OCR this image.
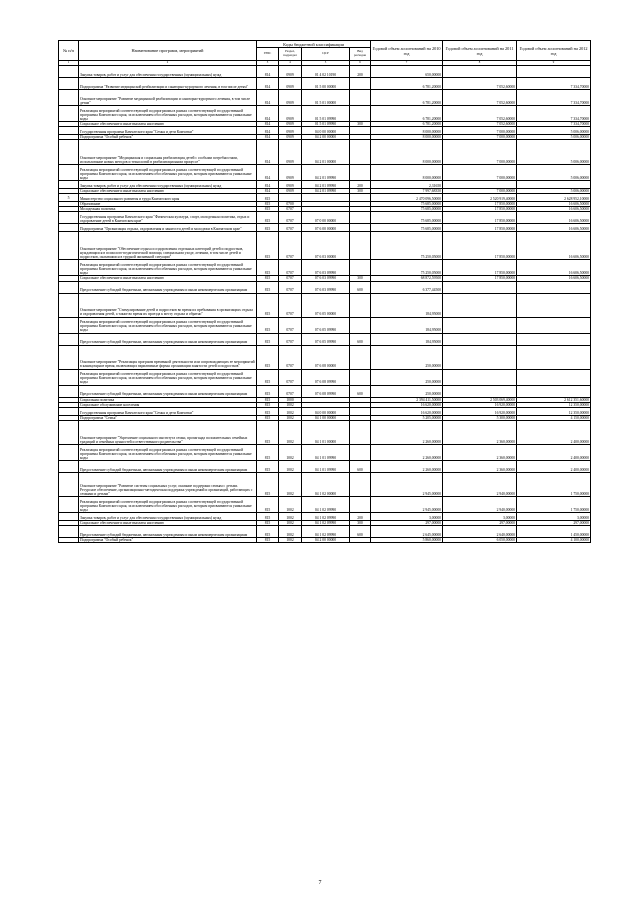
№ п/п	Наименование программ, мероприятий	Коды бюджетной классификации				Годовой объем ассигнований на 2010 год	Годовой объем ассигнований на 2011 год	Годовой объем ассигнований на 2012 год
		ГРБС	Раздел, подраздел	ЦСР	Вид расходов			
1	2	3	4	5	6	7	8	9
	Закупка товаров, работ и услуг для обеспечения государственных (муниципальных) нужд	814	0909	01 4 02 10190	200	650,00000		
	Подпрограмма "Развитие медицинской реабилитации и санаторно-курортного лечения, в том числе детям"	814	0909	01 5 00 00000		6 781,20000	7 052,60000	7 334,70000
	Основное мероприятие "Развитие медицинской реабилитации и санаторно-курортного лечения, в том числе детям"	814	0909	01 5 01 00000		6 781,20000	7 052,60000	7 334,70000
	Реализация мероприятий соответствующей подпрограммы в рамках соответствующей государственной программы Камчатского края, за исключением обособленных расходов, которым присваиваются уникальные коды	814	0909	01 5 01 09990		6 781,20000	7 052,60000	7 334,70000
	Социальное обеспечение и иные выплаты населению	814	0909	01 5 01 09990	300	6 781,20000	7 052,60000	7 334,70000
	Государственная программа Камчатского края "Семья и дети Камчатки"	814	0909	04 0 00 00000		8 000,00000	7 000,00000	5 006,00000
	Подпрограмма "Особый ребенок"	814	0909	04 2 00 00000		8 000,00000	7 000,00000	5 006,00000
	Основное мероприятие "Медицинская и социальная реабилитация детей с особыми потребностями, использование новых методов и технологий в реабилитационном процессе"	814	0909	04 2 01 00000		8 000,00000	7 000,00000	5 006,00000
	Реализация мероприятий соответствующей подпрограммы в рамках соответствующей государственной программы Камчатского края, за исключением обособленных расходов, которым присваиваются уникальные коды	814	0909	04 2 01 09990		8 000,00000	7 000,00000	5 006,00000
	Закупка товаров, работ и услуг для обеспечения государственных (муниципальных) нужд	814	0909	04 2 01 09990	200	2,31650		
	Социальное обеспечение и иные выплаты населению	814	0909	04 2 01 09990	300	7 997,68350	7 000,00000	5 006,00000
5	Министерство социального развития и труда Камчатского края	815				2 470 096,50000	2 520 919,40000	2 628 952,10000
	Образование	815	0700			75 685,00000	17 850,00000	16 606,50000
	Молодежная политика	815	0707			75 685,00000	17 850,00000	16 606,50000
	Государственная программа Камчатского края "Физическая культура, спорт, молодежная политика, отдых и оздоровление детей в Камчатском крае"	815	0707	07 0 00 00000		75 685,00000	17 850,00000	16 606,50000
	Подпрограмма "Организация отдыха, оздоровления и занятости детей и молодежи в Камчатском крае"	815	0707	07 6 00 00000		75 685,00000	17 850,00000	16 606,50000
	Основное мероприятие "Обеспечение отдыха и оздоровления отдельных категорий детей и подростков, нуждающихся в психолого-педагогической помощи, специальном уходе, лечении, в том числе детей и подростков, оказавшихся в трудной жизненной ситуации"	815	0707	07 6 03 00000		75 250,05000	17 850,00000	16 606,50000
	Реализация мероприятий соответствующей подпрограммы в рамках соответствующей государственной программы Камчатского края, за исключением обособленных расходов, которым присваиваются уникальные коды	815	0707	07 6 03 09990		75 250,05000	17 850,00000	16 606,50000
	Социальное обеспечение и иные выплаты населению	815	0707	07 6 03 09990	300	68 872,59500	17 850,00000	16 606,50000
	Предоставление субсидий бюджетным, автономным учреждениям и иным некоммерческим организациям	815	0707	07 6 03 09990	600	6 377,44500		
	Основное мероприятие "Стимулирование детей и подростков во время их пребывания в организациях отдыха и оздоровления детей, а также во время их проезда к месту отдыха и обратно"	815	0707	07 6 05 00000		184,95000		
	Реализация мероприятий соответствующей подпрограммы в рамках соответствующей государственной программы Камчатского края, за исключением обособленных расходов, которым присваиваются уникальные коды	815	0707	07 6 05 09990		184,95000		
	Предоставление субсидий бюджетным, автономным учреждениям и иным некоммерческим организациям	815	0707	07 6 05 09990	600	184,95000		
	Основное мероприятие "Реализация программ временной деятельности или сопровождающих ее мероприятий в каникулярное время, включающих вариативные формы организации занятости детей и подростков"	815	0707	07 6 08 00000		250,00000		
	Реализация мероприятий соответствующей подпрограммы в рамках соответствующей государственной программы Камчатского края, за исключением обособленных расходов, которым присваиваются уникальные коды	815	0707	07 6 08 09990		250,00000		
	Предоставление субсидий бюджетным, автономным учреждениям и иным некоммерческим организациям	815	0707	07 6 08 09990	600	250,00000		
	Социальная политика	815	1000			2 394 411,50000	2 503 069,40000	2 612 351,60000
	Социальное обслуживание населения	815	1002			16 620,00000	16 920,00000	12 350,00000
	Государственная программа Камчатского края "Семья и дети Камчатки"	815	1002	04 0 00 00000		16 620,00000	16 920,00000	12 350,00000
	Подпрограмма "Семья"	815	1002	04 1 00 00000		5 205,00000	5 300,00000	4 150,00000
	Основное мероприятие "Укрепление социального института семьи, пропаганда положительных семейных традиций и семейных ценностей и ответственного родительства"	815	1002	04 1 01 00000		2 260,00000	2 360,00000	2 400,00000
	Реализация мероприятий соответствующей подпрограммы в рамках соответствующей государственной программы Камчатского края, за исключением обособленных расходов, которым присваиваются уникальные коды	815	1002	04 1 01 09990		2 260,00000	2 360,00000	2 400,00000
	Предоставление субсидий бюджетным, автономным учреждениям и иным некоммерческим организациям	815	1002	04 1 01 09990	600	2 260,00000	2 360,00000	2 400,00000
	Основное мероприятие "Развитие системы социальных услуг, оказание поддержки семьям с детьми. Ресурсное обеспечение, организационно-методическая поддержка учреждений и организаций, работающих с семьями и детьми"	815	1002	04 1 02 00000		2 945,00000	2 940,00000	1 750,00000
	Реализация мероприятий соответствующей подпрограммы в рамках соответствующей государственной программы Камчатского края, за исключением обособленных расходов, которым присваиваются уникальные коды	815	1002	04 1 02 09990		2 945,00000	2 940,00000	1 750,00000
	Закупка товаров, работ и услуг для обеспечения государственных (муниципальных) нужд	815	1002	04 1 02 09990	200	3,00000	3,00000	3,00000
	Социальное обеспечение и иные выплаты населению	815	1002	04 1 02 09990	300	297,00000	297,00000	297,00000
	Предоставление субсидий бюджетным, автономным учреждениям и иным некоммерческим организациям	815	1002	04 1 02 09990	600	2 645,00000	2 640,00000	1 450,00000
	Подпрограмма "Особый ребенок"	815	1002	04 2 00 00000		5 860,00000	6 050,00000	4 100,00000
7
